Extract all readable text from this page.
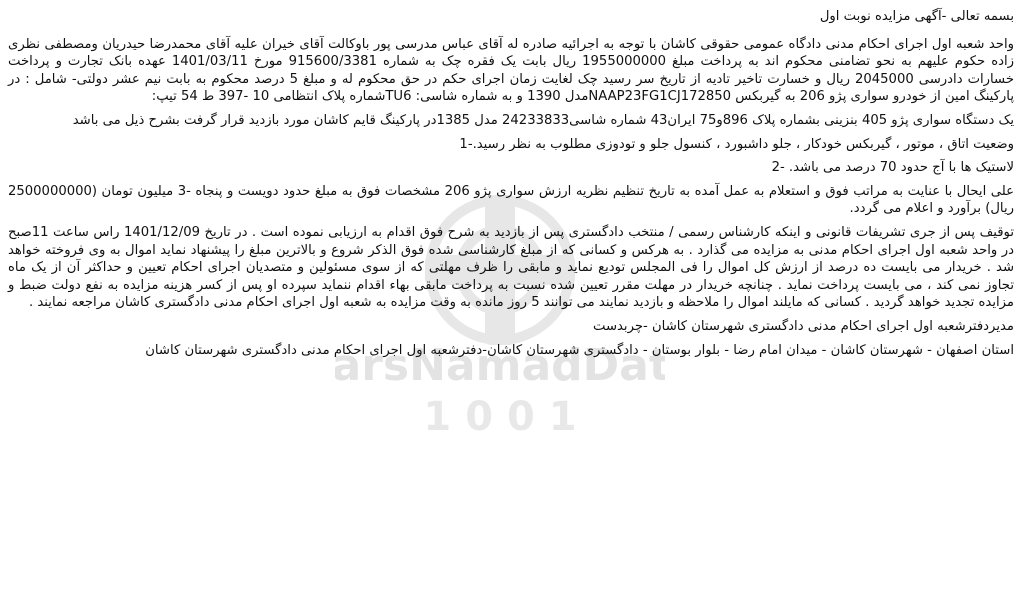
arsNamadDat
1 0 0 1

بسمه تعالی -آگهی مزایده نوبت اول

واحد شعبه اول اجرای احکام مدنی دادگاه عمومی حقوقی کاشان با توجه به اجرائیه صادره له آقای عباس مدرسی پور باوکالت آقای خیران علیه آقای محمدرضا حیدریان ومصطفی نظری زاده حکوم علیهم به نحو تضامنی محکوم اند به پرداخت مبلغ 1955000000 ریال بابت یک فقره چک به شماره 915600/3381 مورخ 1401/03/11 عهده بانک تجارت و پرداخت خسارات دادرسی 2045000 ریال و خسارت تاخیر تادیه از تاریخ سر رسید چک لغایت زمان اجرای حکم در حق محکوم له و مبلغ 5 درصد محکوم به بابت نیم عشر دولتی- شامل : در پارکینگ امین از خودرو سواری پژو 206 به گیربکس NAAP23FG1CJ172850مدل 1390 و به شماره شاسی: TU6شماره پلاک انتظامی 10 -397 ط 54 تیپ:

یک دستگاه سواری پژو 405 بنزینی بشماره پلاک 896و75 ایران43 شماره شاسی24233833 مدل 1385در پارکینگ قایم کاشان مورد بازدید قرار گرفت بشرح ذیل می باشد

وضعیت اتاق ، موتور ، گیربکس خودکار ، جلو داشبورد ، کنسول جلو و تودوزی مطلوب به نظر رسید.-1

لاستیک ها با آج حدود 70 درصد می باشد. -2

علی ایحال با عنایت به مراتب فوق و استعلام به عمل آمده به تاریخ تنظیم نظریه ارزش سواری پژو 206 مشخصات فوق به مبلغ حدود دویست و پنجاه -3 میلیون تومان (2500000000 ریال) برآورد و اعلام می گردد.

توقیف پس از جری تشریفات قانونی و اینکه کارشناس رسمی / منتخب دادگستری پس از بازدید به شرح فوق اقدام به ارزیابی نموده است . در تاریخ 1401/12/09 راس ساعت 11صبح در واحد شعبه اول اجرای احکام مدنی به مزایده می گذارد . به هرکس و کسانی که از مبلغ کارشناسی شده فوق الذکر شروع و بالاترین مبلغ را پیشنهاد نماید اموال به وی فروخته خواهد شد . خریدار می بایست ده درصد از ارزش کل اموال را فی المجلس تودیع نماید و مابقی را ظرف مهلتی که از سوی مسئولین و متصدیان اجرای احکام تعیین و حداکثر آن از یک ماه تجاوز نمی کند ، می بایست پرداخت نماید . چنانچه خریدار در مهلت مقرر تعیین شده نسبت به پرداخت مابقی بهاء اقدام ننماید سپرده او پس از کسر هزینه مزایده به نفع دولت ضبط و مزایده تجدید خواهد گردید . کسانی که مایلند اموال را ملاحظه و بازدید نمایند می توانند 5 روز مانده به وقت مزایده به شعبه اول اجرای احکام مدنی دادگستری کاشان مراجعه نمایند .

مدیردفترشعبه اول اجرای احکام مدنی دادگستری شهرستان کاشان -چربدست

استان اصفهان - شهرستان کاشان - میدان امام رضا - بلوار بوستان - دادگستری شهرستان کاشان-دفترشعبه اول اجرای احکام مدنی دادگستری شهرستان کاشان
